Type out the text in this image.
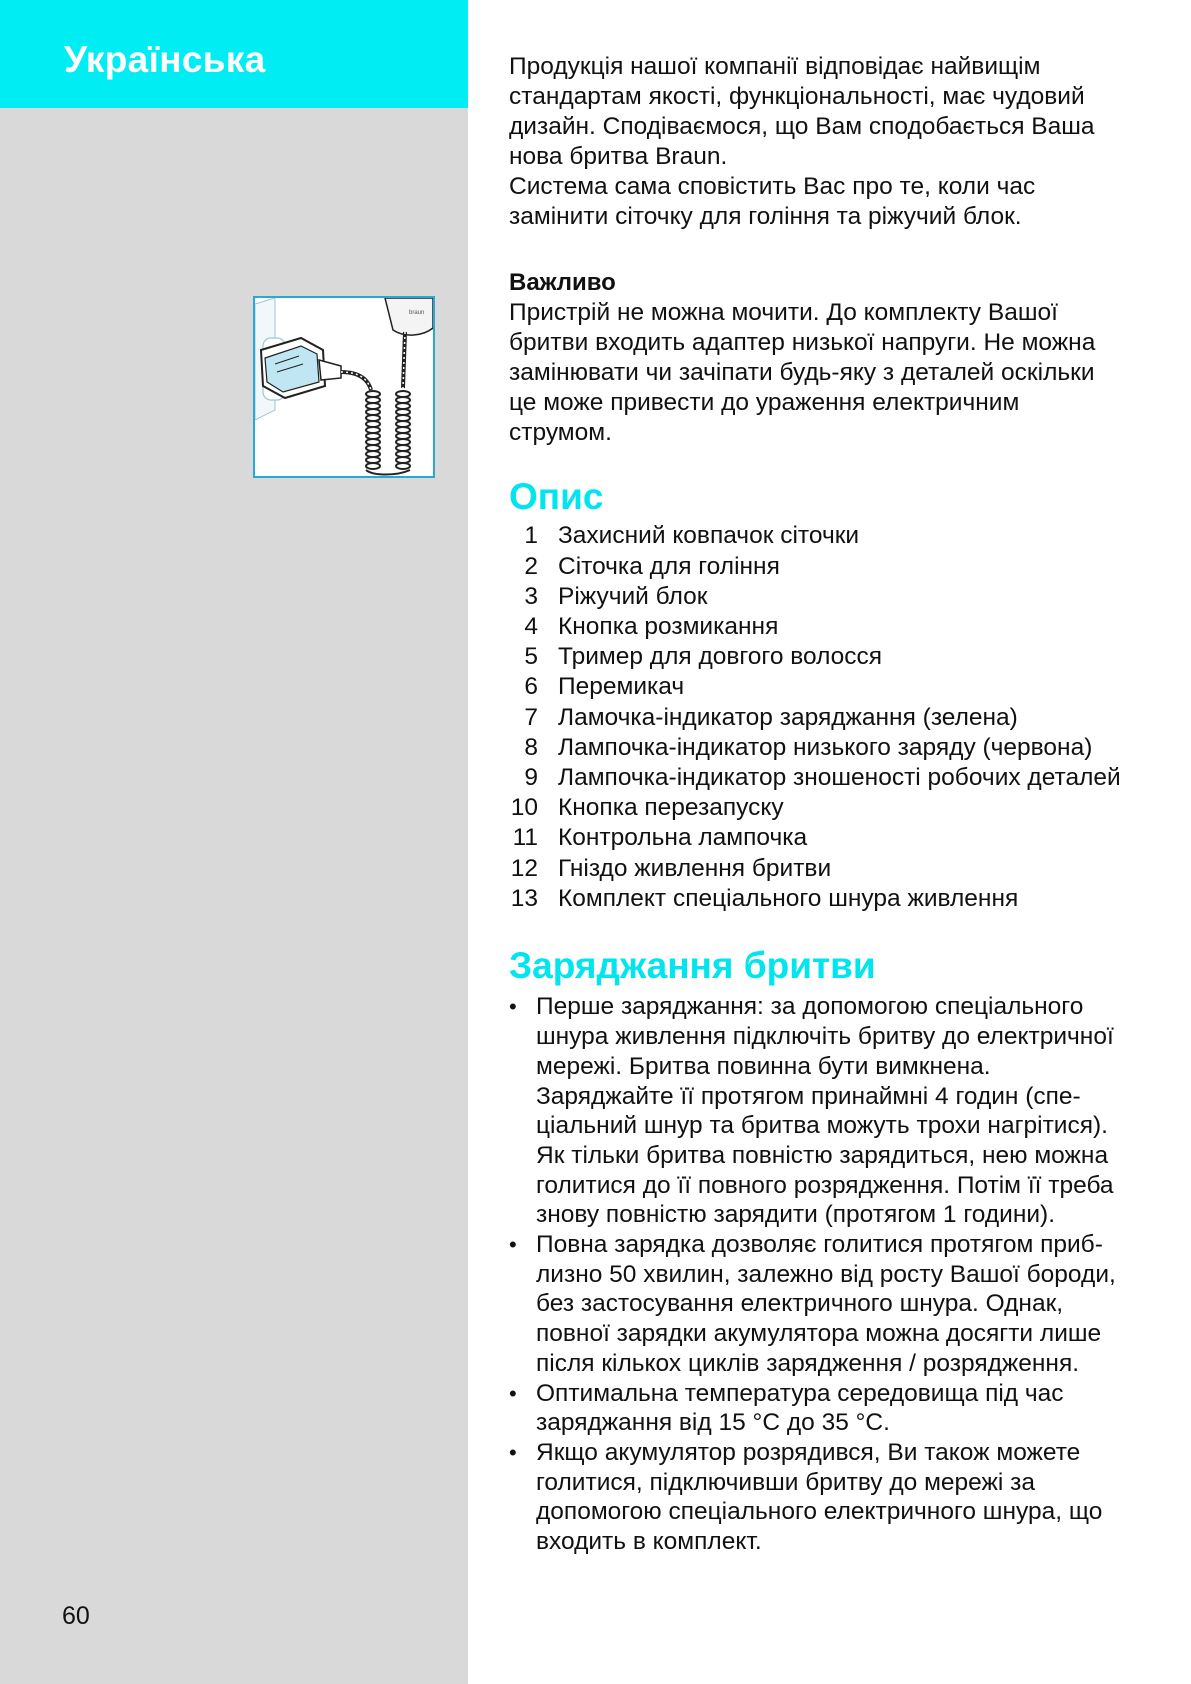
Українська
braun
60
Продукція нашої компанії відповідає найвищім
стандартам якості, функціональності, має чудовий
дизайн. Сподіваємося, що Вам сподобається Ваша
нова бритва Braun.
Система сама сповістить Вас про те, коли час
замінити сіточку для гоління та ріжучий блок.
Важливо
Пристрій не можна мочити. До комплекту Вашої
бритви входить адаптер низької напруги. Не можна
замінювати чи зачіпати будь-яку з деталей оскільки
це може привести до ураження електричним
струмом.
Опис
1 Захисний ковпачок сіточки
2 Сіточка для гоління
3 Ріжучий блок
4 Кнопка розмикання
5 Тример для довгого волосся
6 Перемикач
7 Ламочка-індикатор заряджання (зелена)
8 Лампочка-індикатор низького заряду (червона)
9 Лампочка-індикатор зношеності робочих деталей
10 Кнопка перезапуску
11 Контрольна лампочка
12 Гніздо живлення бритви
13 Комплект спеціального шнура живлення
Заряджання бритви
• Перше заряджання: за допомогою спеціального
шнура живлення підключіть бритву до електричної
мережі. Бритва повинна бути вимкнена.
Заряджайте її протягом принаймні 4 годин (спе-
ціальний шнур та бритва можуть трохи нагрітися).
Як тільки бритва повністю зарядиться, нею можна
голитися до її повного розрядження. Потім її треба
знову повністю зарядити (протягом 1 години).
• Повна зарядка дозволяє голитися протягом приб-
лизно 50 хвилин, залежно від росту Вашої бороди,
без застосування електричного шнура. Однак,
повної зарядки акумулятора можна досягти лише
після кількох циклів зарядження / розрядження.
• Оптимальна температура середовища під час
заряджання від 15 °C до 35 °C.
• Якщо акумулятор розрядився, Ви також можете
голитися, підключивши бритву до мережі за
допомогою спеціального електричного шнура, що
входить в комплект.
